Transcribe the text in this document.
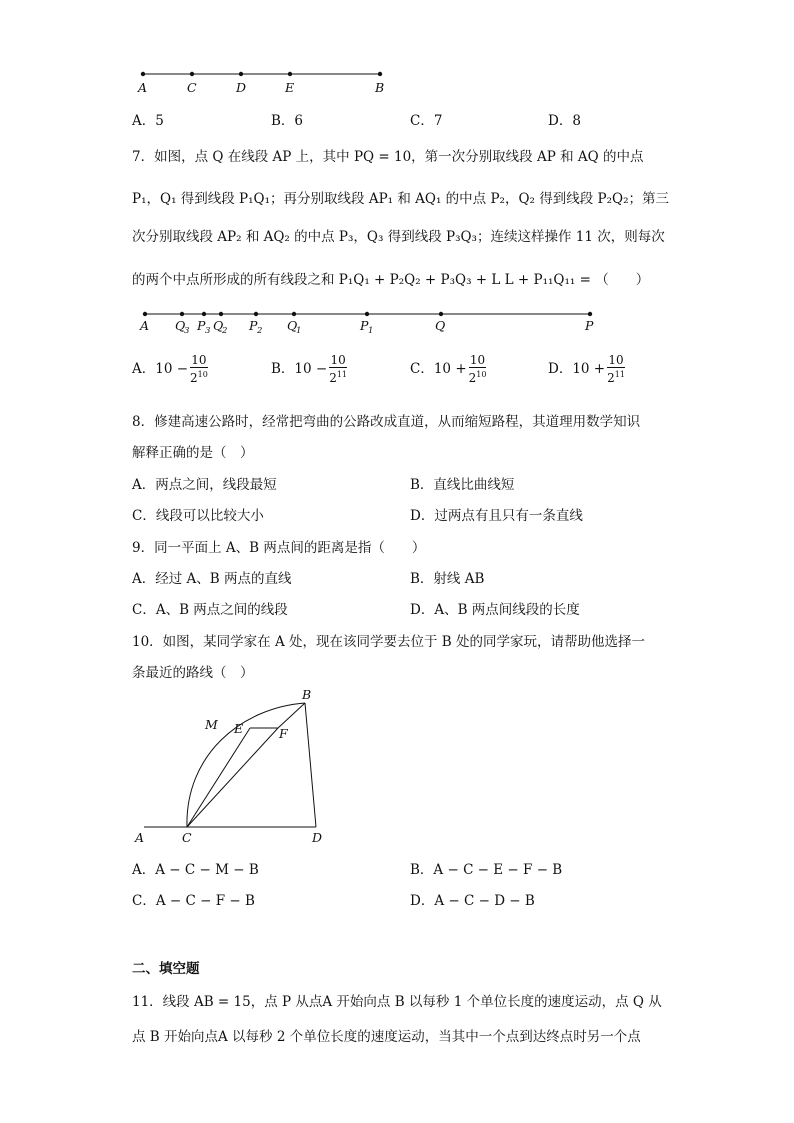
A	C	D	E	B
A．5	B．6	C．7	D．8
7．如图，点 Q 在线段 AP 上，其中 PQ = 10，第一次分别取线段 AP 和 AQ 的中点
P₁，Q₁ 得到线段 P₁Q₁；再分别取线段 AP₁ 和 AQ₁ 的中点 P₂，Q₂ 得到线段 P₂Q₂；第三
次分别取线段 AP₂ 和 AQ₂ 的中点 P₃，Q₃ 得到线段 P₃Q₃；连续这样操作 11 次，则每次
的两个中点所形成的所有线段之和 P₁Q₁ + P₂Q₂ + P₃Q₃ + L L + P₁₁Q₁₁ = （　　）
A Q
3 P 3 Q
2 P 2 Q
1	P 1	Q	P
A．$10 - \frac{10}{2^{10}}$	B．$10 - \frac{10}{2^{11}}$	C．$10 + \frac{10}{2^{10}}$	D．$10 + \frac{10}{2^{11}}$
8．修建高速公路时，经常把弯曲的公路改成直道，从而缩短路程，其道理用数学知识
解释正确的是（　）
A．两点之间，线段最短	B．直线比曲线短
C．线段可以比较大小	D．过两点有且只有一条直线
9．同一平面上 A、B 两点间的距离是指（　　）
A．经过 A、B 两点的直线	B．射线 AB
C．A、B 两点之间的线段	D．A、B 两点间线段的长度
10．如图，某同学家在 A 处，现在该同学要去位于 B 处的同学家玩，请帮助他选择一
条最近的路线（　）
A	C	D
B
M E	F
A．A − C − M − B	B．A − C − E − F − B
C．A − C − F − B	D．A − C − D − B
二、填空题
11．线段 AB = 15，点 P 从点A 开始向点 B 以每秒 1 个单位长度的速度运动，点 Q 从
点 B 开始向点A 以每秒 2 个单位长度的速度运动，当其中一个点到达终点时另一个点
